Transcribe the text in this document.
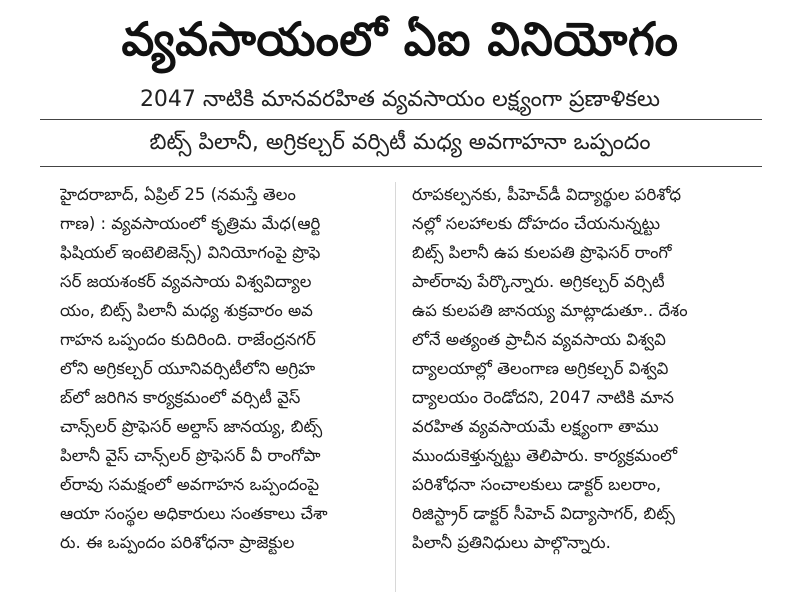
వ్యవసాయంలో ఏఐ వినియోగం
2047 నాటికి మానవరహిత వ్యవసాయం లక్ష్యంగా ప్రణాళికలు
బిట్స్ పిలానీ, అగ్రికల్చర్ వర్సిటీ మధ్య అవగాహనా ఒప్పందం
హైదరాబాద్, ఏప్రిల్ 25 (నమస్తే తెలం
గాణ) : వ్యవసాయంలో కృత్రిమ మేధ(ఆర్టి
ఫిషియల్ ఇంటెలిజెన్స్) వినియోగంపై ప్రొఫె
సర్ జయశంకర్ వ్యవసాయ విశ్వవిద్యాల
యం, బిట్స్ పిలానీ మధ్య శుక్రవారం అవ
గాహన ఒప్పందం కుదిరింది. రాజేంద్రనగర్
లోని అగ్రికల్చర్ యూనివర్సిటీలోని అగ్రిహ
బ్‌లో జరిగిన కార్యక్రమంలో వర్సిటీ వైస్
చాన్స్‌లర్ ప్రొఫెసర్ అల్దాస్ జానయ్య, బిట్స్
పిలానీ వైస్ చాన్స్‌లర్ ప్రొఫెసర్ వీ రాంగోపా
ల్‌రావు సమక్షంలో అవగాహన ఒప్పందంపై
ఆయా సంస్థల అధికారులు సంతకాలు చేశా
రు. ఈ ఒప్పందం పరిశోధనా ప్రాజెక్టుల
రూపకల్పనకు, పీహెచ్‌డీ విద్యార్థుల పరిశోధ
నల్లో సలహాలకు దోహదం చేయనున్నట్టు
బిట్స్ పిలానీ ఉప కులపతి ప్రొఫెసర్ రాంగో
పాల్‌రావు పేర్కొన్నారు. అగ్రికల్చర్ వర్సిటీ
ఉప కులపతి జానయ్య మాట్లాడుతూ.. దేశం
లోనే అత్యంత ప్రాచీన వ్యవసాయ విశ్వవి
ద్యాలయాల్లో తెలంగాణ అగ్రికల్చర్ విశ్వవి
ద్యాలయం రెండోదని, 2047 నాటికి మాన
వరహిత వ్యవసాయమే లక్ష్యంగా తాము
ముందుకెళ్తున్నట్టు తెలిపారు. కార్యక్రమంలో
పరిశోధనా సంచాలకులు డాక్టర్ బలరాం,
రిజిస్ట్రార్ డాక్టర్ సీహెచ్ విద్యాసాగర్, బిట్స్
పిలానీ ప్రతినిధులు పాల్గొన్నారు.
